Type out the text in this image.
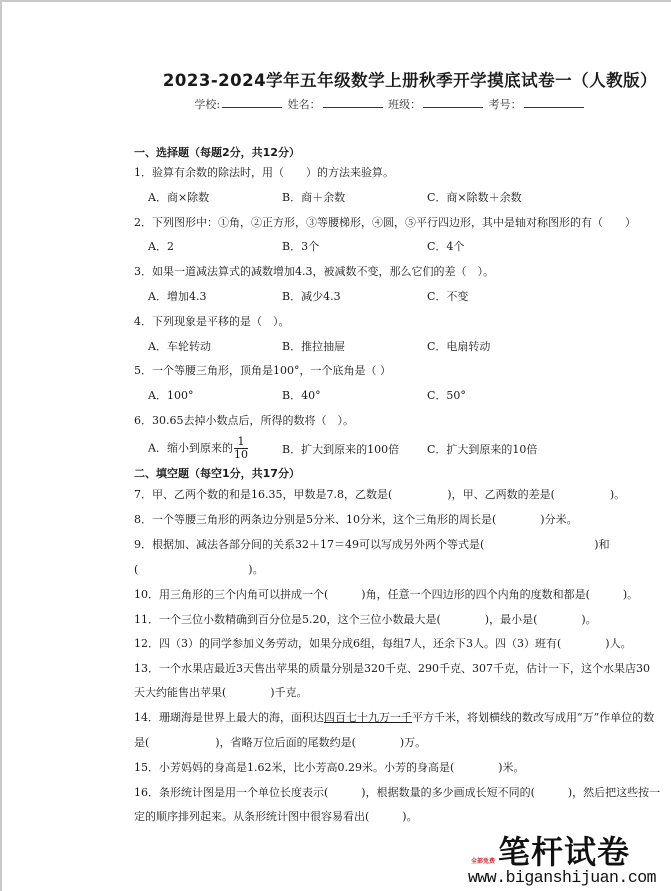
2023-2024学年五年级数学上册秋季开学摸底试卷一（人教版）
学校:	姓名：	班级：	考号：
一、选择题（每题2分，共12分）
1．验算有余数的除法时，用（　　）的方法来验算。
A．商×除数	B．商＋余数	C．商×除数＋余数
2．下列图形中：①角，②正方形，③等腰梯形，④圆，⑤平行四边形，其中是轴对称图形的有（　　）
A．2	B．3个	C．4个
3．如果一道减法算式的减数增加4.3，被减数不变，那么它们的差（　）。
A．增加4.3	B．减少4.3	C．不变
4．下列现象是平移的是（　）。
A．车轮转动	B．推拉抽屉	C．电扇转动
5．一个等腰三角形，顶角是100°，一个底角是（ ）
A．100°	B．40°	C．50°
6．30.65去掉小数点后，所得的数将（　）。
A．缩小到原来的 $\frac{1}{10}$	B．扩大到原来的100倍	C．扩大到原来的10倍
二、填空题（每空1分，共17分）
7．甲、乙两个数的和是16.35，甲数是7.8，乙数是(　　　　　)，甲、乙两数的差是(　　　　　)。
8．一个等腰三角形的两条边分别是5分米、10分米，这个三角形的周长是(　　　　)分米。
9．根据加、减法各部分间的关系32＋17＝49可以写成另外两个等式是(　　　　　　　　　　)和
(　　　　　　　　　　)。
10．用三角形的三个内角可以拼成一个(　　　)角，任意一个四边形的四个内角的度数和都是(　　　)。
11．一个三位小数精确到百分位是5.20，这个三位小数最大是(　　　　)，最小是(　　　　)。
12．四（3）的同学参加义务劳动，如果分成6组，每组7人，还余下3人。四（3）班有(　　　　)人。
13．一个水果店最近3天售出苹果的质量分别是320千克、290千克、307千克，估计一下，这个水果店30
天大约能售出苹果(　　　　)千克。
14．珊瑚海是世界上最大的海，面积达四百七十九万一千平方千米，将划横线的数改写成用“万”作单位的数
是(　　　　　　)，省略万位后面的尾数约是(　　　　)万。
15．小芳妈妈的身高是1.62米，比小芳高0.29米。小芳的身高是(　　　　)米。
16．条形统计图是用一个单位长度表示(　　　)，根据数量的多少画成长短不同的(　　　)，然后把这些按一
定的顺序排列起来。从条形统计图中很容易看出(　　　)。
笔杆试卷
全部免费
www.biganshijuan.com
